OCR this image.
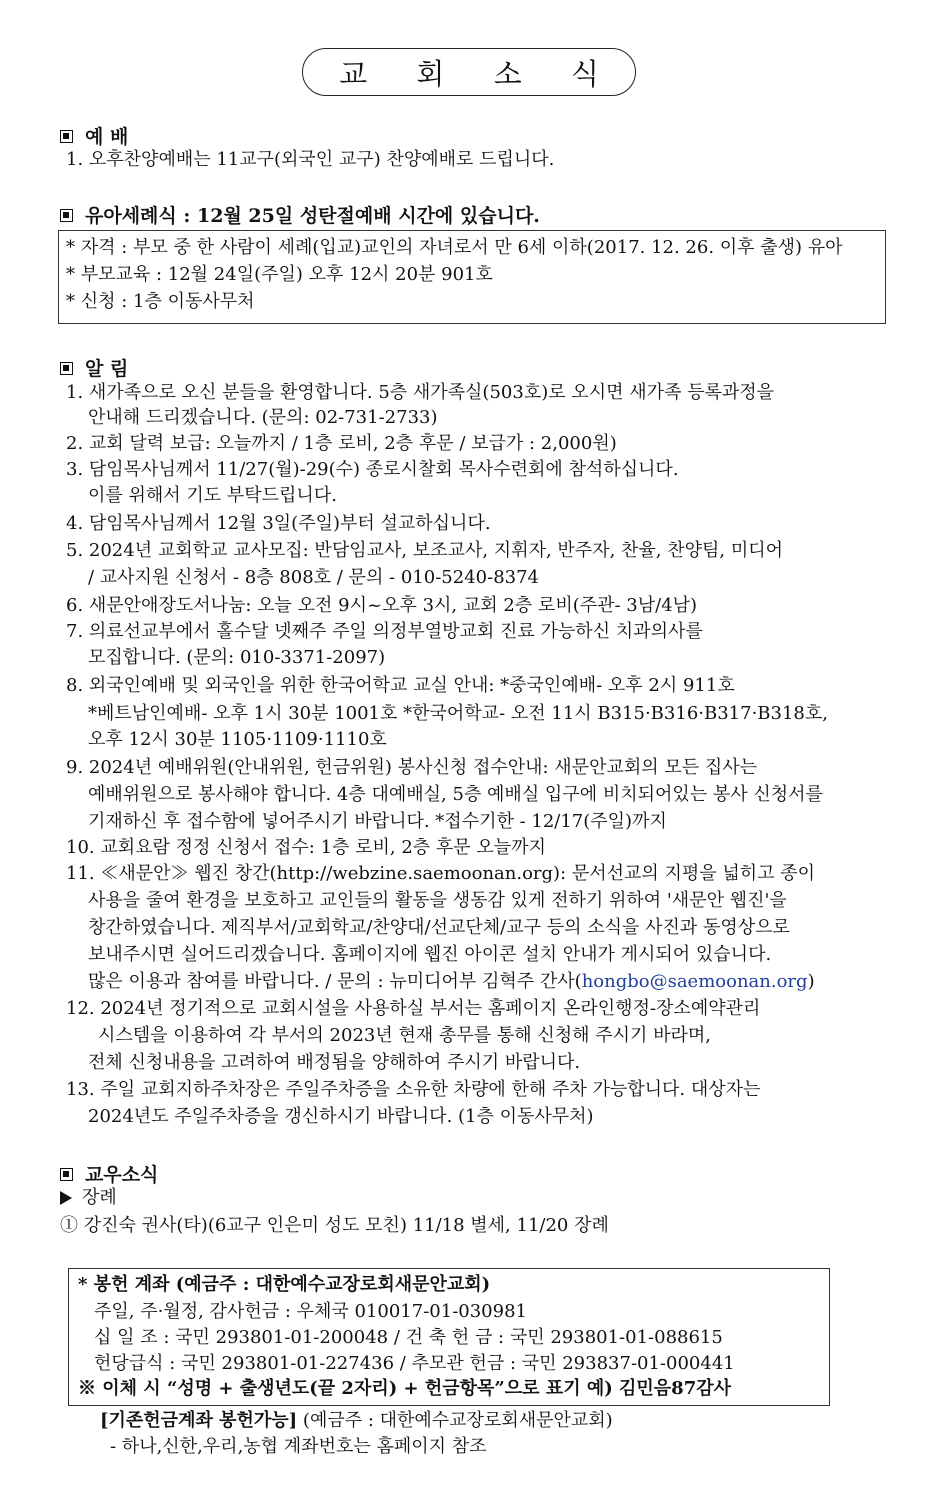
교 회 소 식
예 배
1. 오후찬양예배는 11교구(외국인 교구) 찬양예배로 드립니다.
유아세례식 : 12월 25일 성탄절예배 시간에 있습니다.
* 자격 : 부모 중 한 사람이 세례(입교)교인의 자녀로서 만 6세 이하(2017. 12. 26. 이후 출생) 유아
* 부모교육 : 12월 24일(주일) 오후 12시 20분 901호
* 신청 : 1층 이동사무처
알 림
1. 새가족으로 오신 분들을 환영합니다. 5층 새가족실(503호)로 오시면 새가족 등록과정을
안내해 드리겠습니다. (문의: 02-731-2733)
2. 교회 달력 보급: 오늘까지 / 1층 로비, 2층 후문 / 보급가 : 2,000원)
3. 담임목사님께서 11/27(월)-29(수) 종로시찰회 목사수련회에 참석하십니다.
이를 위해서 기도 부탁드립니다.
4. 담임목사님께서 12월 3일(주일)부터 설교하십니다.
5. 2024년 교회학교 교사모집: 반담임교사, 보조교사, 지휘자, 반주자, 찬율, 찬양팀, 미디어
/ 교사지원 신청서 - 8층 808호 / 문의 - 010-5240-8374
6. 새문안애장도서나눔: 오늘 오전 9시~오후 3시, 교회 2층 로비(주관- 3남/4남)
7. 의료선교부에서 홀수달 넷째주 주일 의정부열방교회 진료 가능하신 치과의사를
모집합니다. (문의: 010-3371-2097)
8. 외국인예배 및 외국인을 위한 한국어학교 교실 안내: *중국인예배- 오후 2시 911호
*베트남인예배- 오후 1시 30분 1001호 *한국어학교- 오전 11시 B315·B316·B317·B318호,
오후 12시 30분 1105·1109·1110호
9. 2024년 예배위원(안내위원, 헌금위원) 봉사신청 접수안내: 새문안교회의 모든 집사는
예배위원으로 봉사해야 합니다. 4층 대예배실, 5층 예배실 입구에 비치되어있는 봉사 신청서를
기재하신 후 접수함에 넣어주시기 바랍니다. *접수기한 - 12/17(주일)까지
10. 교회요람 정정 신청서 접수: 1층 로비, 2층 후문 오늘까지
11. ≪새문안≫ 웹진 창간(http://webzine.saemoonan.org): 문서선교의 지평을 넓히고 종이
사용을 줄여 환경을 보호하고 교인들의 활동을 생동감 있게 전하기 위하여 '새문안 웹진'을
창간하였습니다. 제직부서/교회학교/찬양대/선교단체/교구 등의 소식을 사진과 동영상으로
보내주시면 실어드리겠습니다. 홈페이지에 웹진 아이콘 설치 안내가 게시되어 있습니다.
많은 이용과 참여를 바랍니다. / 문의 : 뉴미디어부 김혁주 간사(hongbo@saemoonan.org)
12. 2024년 정기적으로 교회시설을 사용하실 부서는 홈페이지 온라인행정-장소예약관리
시스템을 이용하여 각 부서의 2023년 현재 총무를 통해 신청해 주시기 바라며,
전체 신청내용을 고려하여 배정됨을 양해하여 주시기 바랍니다.
13. 주일 교회지하주차장은 주일주차증을 소유한 차량에 한해 주차 가능합니다. 대상자는
2024년도 주일주차증을 갱신하시기 바랍니다. (1층 이동사무처)
교우소식
장례
① 강진숙 권사(타)(6교구 인은미 성도 모친) 11/18 별세, 11/20 장례
* 봉헌 계좌 (예금주 : 대한예수교장로회새문안교회)
주일, 주·월정, 감사헌금 : 우체국 010017-01-030981
십 일 조 : 국민 293801-01-200048 / 건 축 헌 금 : 국민 293801-01-088615
헌당급식 : 국민 293801-01-227436 / 추모관 헌금 : 국민 293837-01-000441
※ 이체 시 “성명 + 출생년도(끝 2자리) + 헌금항목”으로 표기 예) 김민음87감사
[기존헌금계좌 봉헌가능] (예금주 : 대한예수교장로회새문안교회)
- 하나,신한,우리,농협 계좌번호는 홈페이지 참조
